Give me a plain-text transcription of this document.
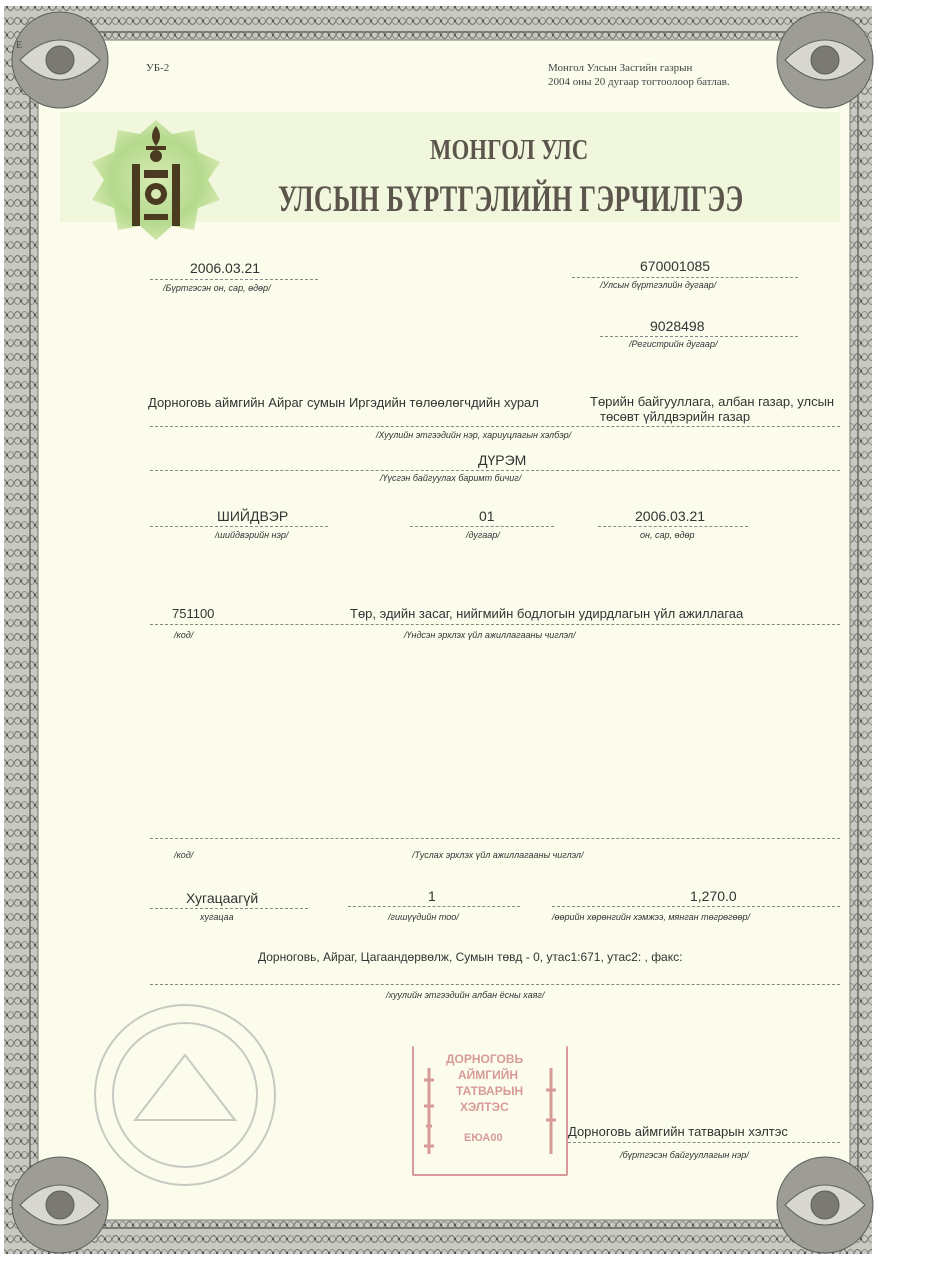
E
УБ-2	Монгол Улсын Засгийн газрын
2004 оны 20 дугаар тогтоолоор батлав.
МОНГОЛ УЛС
УЛСЫН БҮРТГЭЛИЙН ГЭРЧИЛГЭЭ
2006.03.21
/Бүртгэсэн он, сар, өдөр/
670001085
/Улсын бүртгэлийн дугаар/
9028498
/Регистрийн дугаар/
Дорноговь аймгийн Айраг сумын Иргэдийн төлөөлөгчдийн хурал	Төрийн байгууллага, албан газар, улсын
төсөвт үйлдвэрийн газар
/Хуулийн этгээдийн нэр, хариуцлагын хэлбэр/
ДҮРЭМ
/Үүсгэн байгуулах баримт бичиг/
ШИЙДВЭР
/шийдвэрийн нэр/
01
/дугаар/
2006.03.21
он, сар, өдөр
751100	Төр, эдийн засаг, нийгмийн бодлогын удирдлагын үйл ажиллагаа
/код/	/Үндсэн эрхлэх үйл ажиллагааны чиглэл/
/код/	/Туслах эрхлэх үйл ажиллагааны чиглэл/
Хугацаагүй
хугацаа
1
/гишүүдийн тоо/
1,270.0
/өөрийн хөрөнгийн хэмжээ, мянган төгрөгөөр/
Дорноговь, Айраг, Цагаандөрвөлж, Сумын төвд - 0, утас1:671, утас2: , факс:
/хуулийн этгээдийн албан ёсны хаяг/
ДОРНОГОВЬ
АЙМГИЙН
ТАТВАРЫН
ХЭЛТЭС
ЕЮА00	Дорноговь аймгийн татварын хэлтэс
/бүртгэсэн байгууллагын нэр/
